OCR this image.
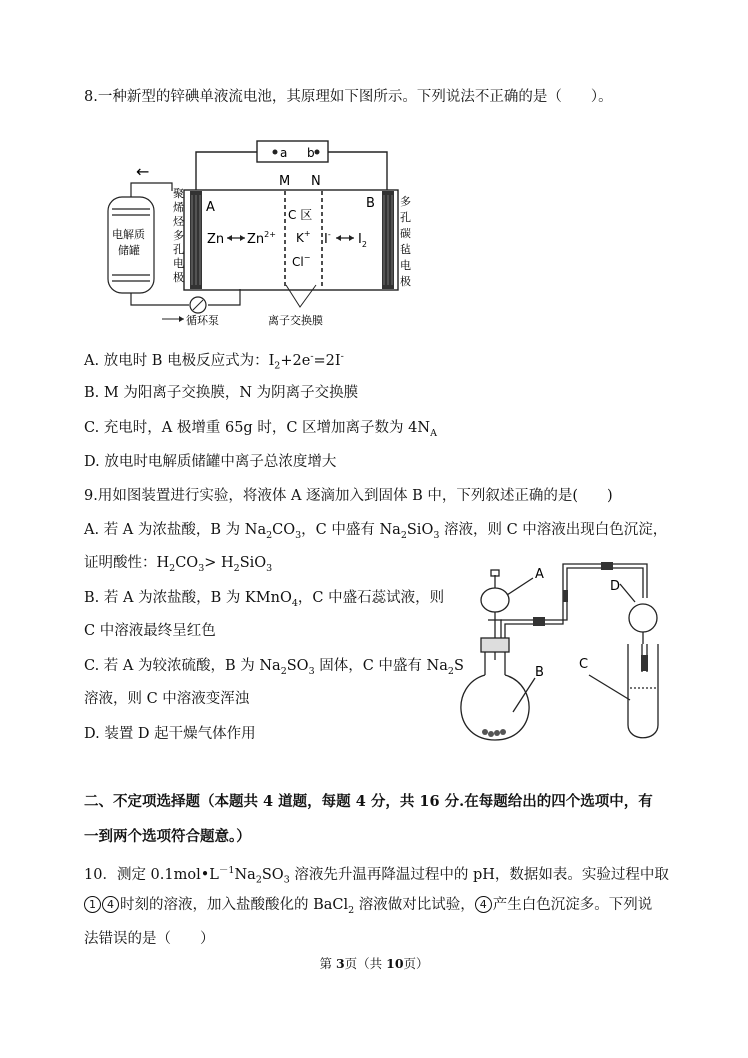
8.一种新型的锌碘单液流电池，其原理如下图所示。下列说法不正确的是（　　）。
a b
M N
A	B
Zn $Zn^{2+}$
C 区
K+
Cl−
I- $I_2$
聚
烯
烃
多
孔
电
极
多
孔
碳
毡
电
极
电解质
储罐
←
循环泵	离子交换膜
A. 放电时 B 电极反应式为：$I_2+2e^-=2I^-$
B. M 为阳离子交换膜，N 为阴离子交换膜
C. 充电时，A 极增重 65g 时，C 区增加离子数为 $4N_A$
D. 放电时电解质储罐中离子总浓度增大
9.用如图装置进行实验，将液体 A 逐滴加入到固体 B 中，下列叙述正确的是(　　)
A. 若 A 为浓盐酸，B 为 $Na_2CO_3$，C 中盛有 $Na_2SiO_3$ 溶液，则 C 中溶液出现白色沉淀，
证明酸性：$H_2CO_3> H_2SiO_3$
B. 若 A 为浓盐酸，B 为 KMnO$_4$，C 中盛石蕊试液，则
C 中溶液最终呈红色
C. 若 A 为较浓硫酸，B 为 $Na_2SO_3$ 固体，C 中盛有 $Na_2S$
溶液，则 C 中溶液变浑浊
D. 装置 D 起干燥气体作用
A
B
C
D
二、不定项选择题（本题共 4 道题，每题 4 分，共 16 分.在每题给出的四个选项中，有
一到两个选项符合题意。）
10．测定 $0.1mol•L^{-1}Na_2SO_3$ 溶液先升温再降温过程中的 pH，数据如表。实验过程中取
1 4 时刻的溶液，加入盐酸酸化的 BaCl$_2$ 溶液做对比试验， 4 产生白色沉淀多。下列说
法错误的是（　　）
第 3页（共 10页）
